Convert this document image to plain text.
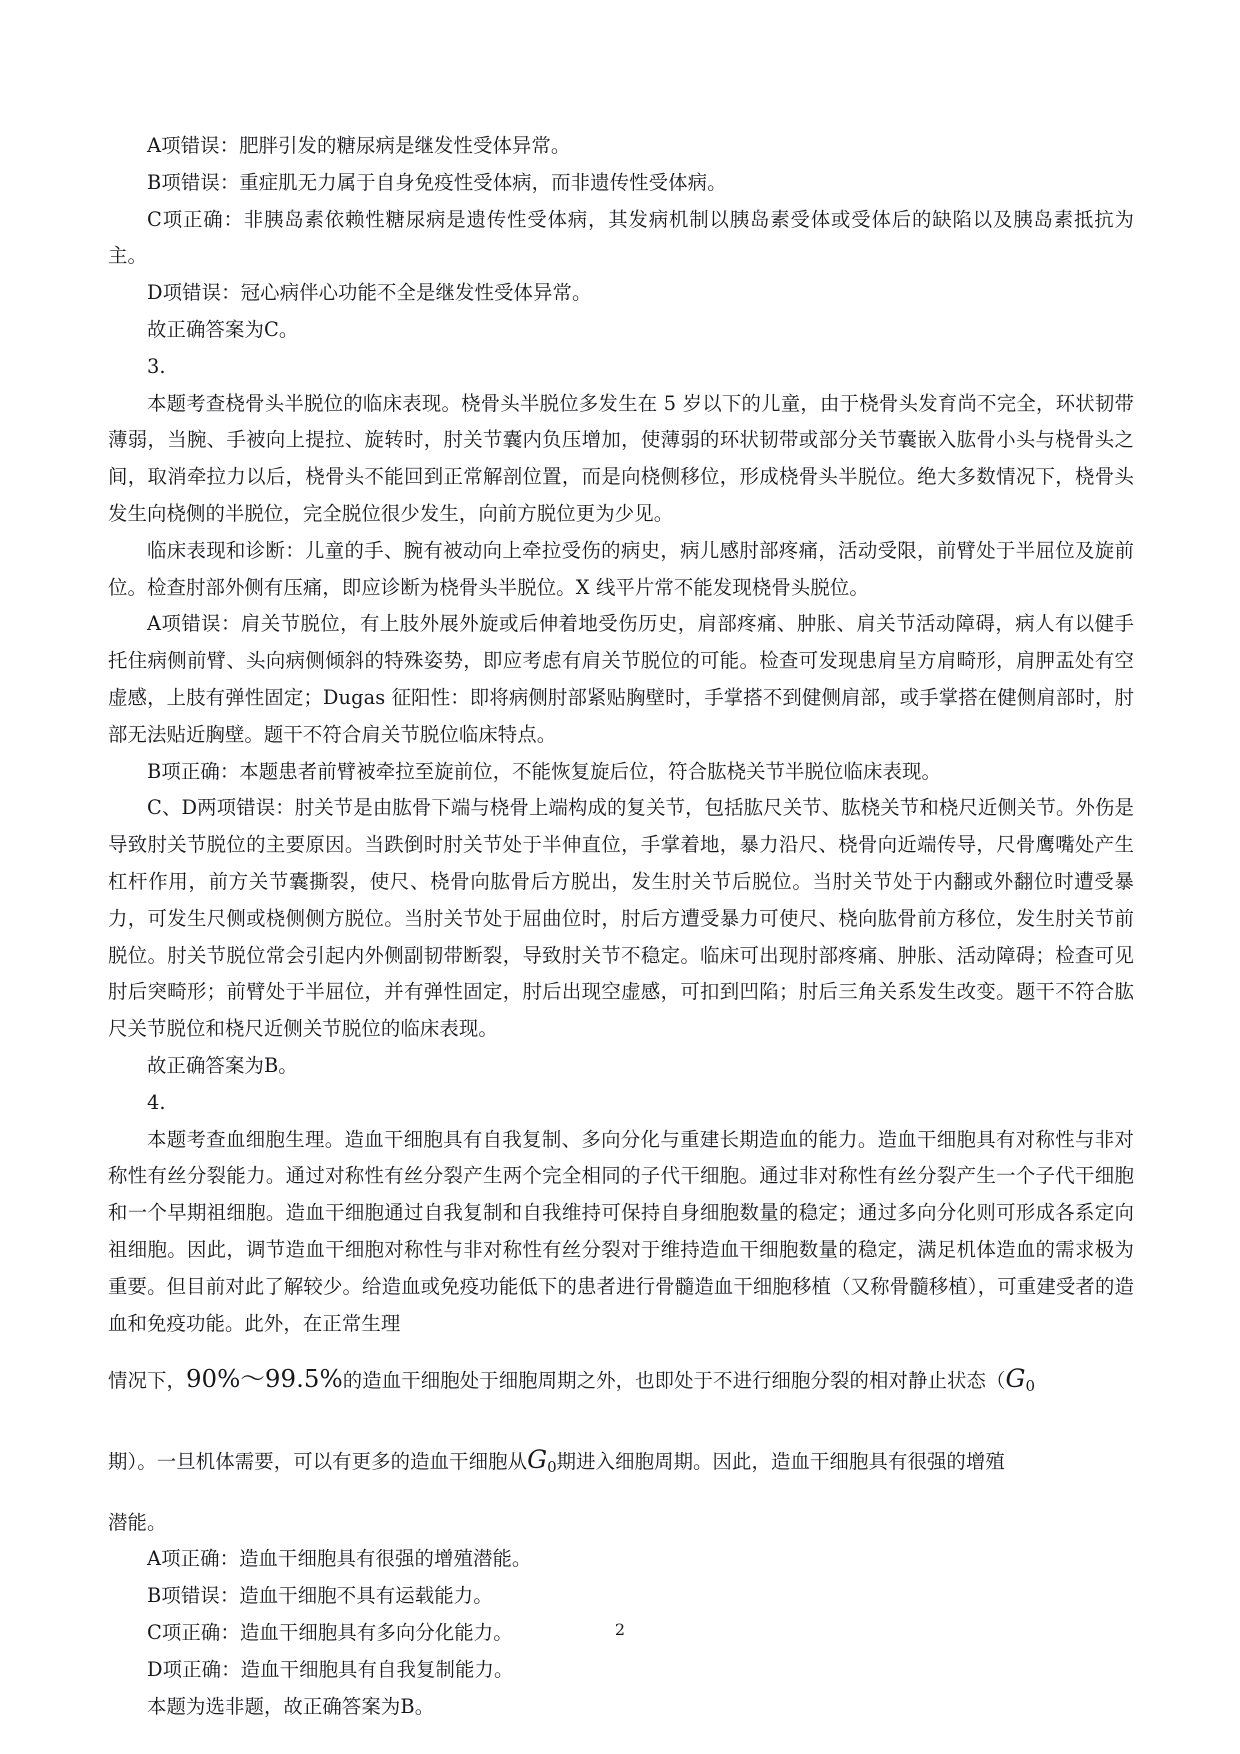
A项错误：肥胖引发的糖尿病是继发性受体异常。

B项错误：重症肌无力属于自身免疫性受体病，而非遗传性受体病。

C项正确：非胰岛素依赖性糖尿病是遗传性受体病，其发病机制以胰岛素受体或受体后的缺陷以及胰岛素抵抗为主。

D项错误：冠心病伴心功能不全是继发性受体异常。

故正确答案为C。

3.

本题考查桡骨头半脱位的临床表现。桡骨头半脱位多发生在 5 岁以下的儿童，由于桡骨头发育尚不完全，环状韧带薄弱，当腕、手被向上提拉、旋转时，肘关节囊内负压增加，使薄弱的环状韧带或部分关节囊嵌入肱骨小头与桡骨头之间，取消牵拉力以后，桡骨头不能回到正常解剖位置，而是向桡侧移位，形成桡骨头半脱位。绝大多数情况下，桡骨头发生向桡侧的半脱位，完全脱位很少发生，向前方脱位更为少见。

临床表现和诊断：儿童的手、腕有被动向上牵拉受伤的病史，病儿感肘部疼痛，活动受限，前臂处于半屈位及旋前位。检查肘部外侧有压痛，即应诊断为桡骨头半脱位。X 线平片常不能发现桡骨头脱位。

A项错误：肩关节脱位，有上肢外展外旋或后伸着地受伤历史，肩部疼痛、肿胀、肩关节活动障碍，病人有以健手托住病侧前臂、头向病侧倾斜的特殊姿势，即应考虑有肩关节脱位的可能。检查可发现患肩呈方肩畸形，肩胛盂处有空虚感，上肢有弹性固定；Dugas 征阳性：即将病侧肘部紧贴胸壁时，手掌搭不到健侧肩部，或手掌搭在健侧肩部时，肘部无法贴近胸壁。题干不符合肩关节脱位临床特点。

B项正确：本题患者前臂被牵拉至旋前位，不能恢复旋后位，符合肱桡关节半脱位临床表现。

C、D两项错误：肘关节是由肱骨下端与桡骨上端构成的复关节，包括肱尺关节、肱桡关节和桡尺近侧关节。外伤是导致肘关节脱位的主要原因。当跌倒时肘关节处于半伸直位，手掌着地，暴力沿尺、桡骨向近端传导，尺骨鹰嘴处产生杠杆作用，前方关节囊撕裂，使尺、桡骨向肱骨后方脱出，发生肘关节后脱位。当肘关节处于内翻或外翻位时遭受暴力，可发生尺侧或桡侧侧方脱位。当肘关节处于屈曲位时，肘后方遭受暴力可使尺、桡向肱骨前方移位，发生肘关节前脱位。肘关节脱位常会引起内外侧副韧带断裂，导致肘关节不稳定。临床可出现肘部疼痛、肿胀、活动障碍；检查可见肘后突畸形；前臂处于半屈位，并有弹性固定，肘后出现空虚感，可扣到凹陷；肘后三角关系发生改变。题干不符合肱尺关节脱位和桡尺近侧关节脱位的临床表现。

故正确答案为B。

4.

本题考查血细胞生理。造血干细胞具有自我复制、多向分化与重建长期造血的能力。造血干细胞具有对称性与非对称性有丝分裂能力。通过对称性有丝分裂产生两个完全相同的子代干细胞。通过非对称性有丝分裂产生一个子代干细胞和一个早期祖细胞。造血干细胞通过自我复制和自我维持可保持自身细胞数量的稳定；通过多向分化则可形成各系定向祖细胞。因此，调节造血干细胞对称性与非对称性有丝分裂对于维持造血干细胞数量的稳定，满足机体造血的需求极为重要。但目前对此了解较少。给造血或免疫功能低下的患者进行骨髓造血干细胞移植（又称骨髓移植），可重建受者的造血和免疫功能。此外，在正常生理

情况下，90%～99.5%的造血干细胞处于细胞周期之外，也即处于不进行细胞分裂的相对静止状态（$G_0$

期）。一旦机体需要，可以有更多的造血干细胞从$G_0$期进入细胞周期。因此，造血干细胞具有很强的增殖

潜能。

A项正确：造血干细胞具有很强的增殖潜能。

B项错误：造血干细胞不具有运载能力。

C项正确：造血干细胞具有多向分化能力。

D项正确：造血干细胞具有自我复制能力。

本题为选非题，故正确答案为B。

2
